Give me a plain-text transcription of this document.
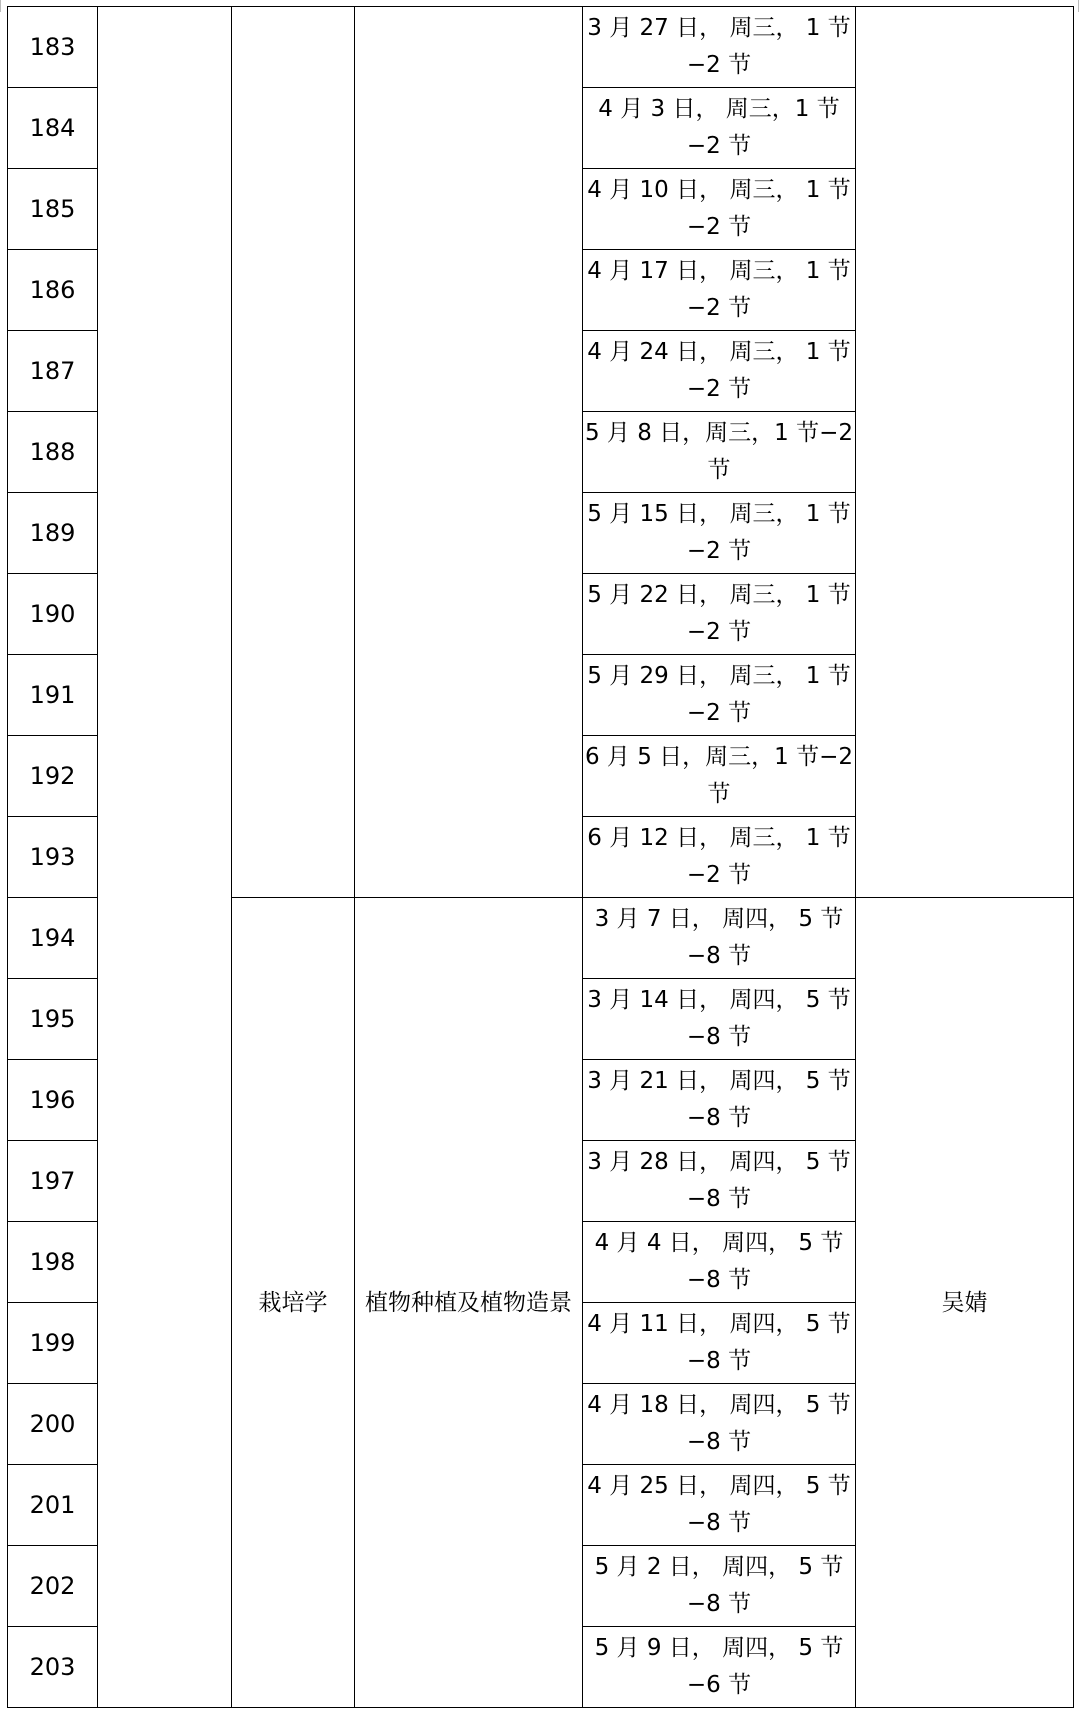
183				3 月 27 日， 周三， 1 节 −2 节	
184				4 月 3 日， 周三，1 节−2 节	
185				4 月 10 日， 周三， 1 节 −2 节	
186				4 月 17 日， 周三， 1 节 −2 节	
187				4 月 24 日， 周三， 1 节 −2 节	
188				5 月 8 日，周三，1 节−2 节	
189				5 月 15 日， 周三， 1 节 −2 节	
190				5 月 22 日， 周三， 1 节 −2 节	
191				5 月 29 日， 周三， 1 节 −2 节	
192				6 月 5 日，周三，1 节−2 节	
193				6 月 12 日， 周三， 1 节 −2 节	
194		栽培学	植物种植及植物造景	3 月 7 日， 周四， 5 节 −8 节	吴婧
195				3 月 14 日， 周四， 5 节 −8 节	
196				3 月 21 日， 周四， 5 节 −8 节	
197				3 月 28 日， 周四， 5 节 −8 节	
198				4 月 4 日， 周四， 5 节 −8 节	
199				4 月 11 日， 周四， 5 节 −8 节	
200				4 月 18 日， 周四， 5 节 −8 节	
201				4 月 25 日， 周四， 5 节 −8 节	
202				5 月 2 日， 周四， 5 节 −8 节	
203				5 月 9 日， 周四， 5 节 −6 节	
